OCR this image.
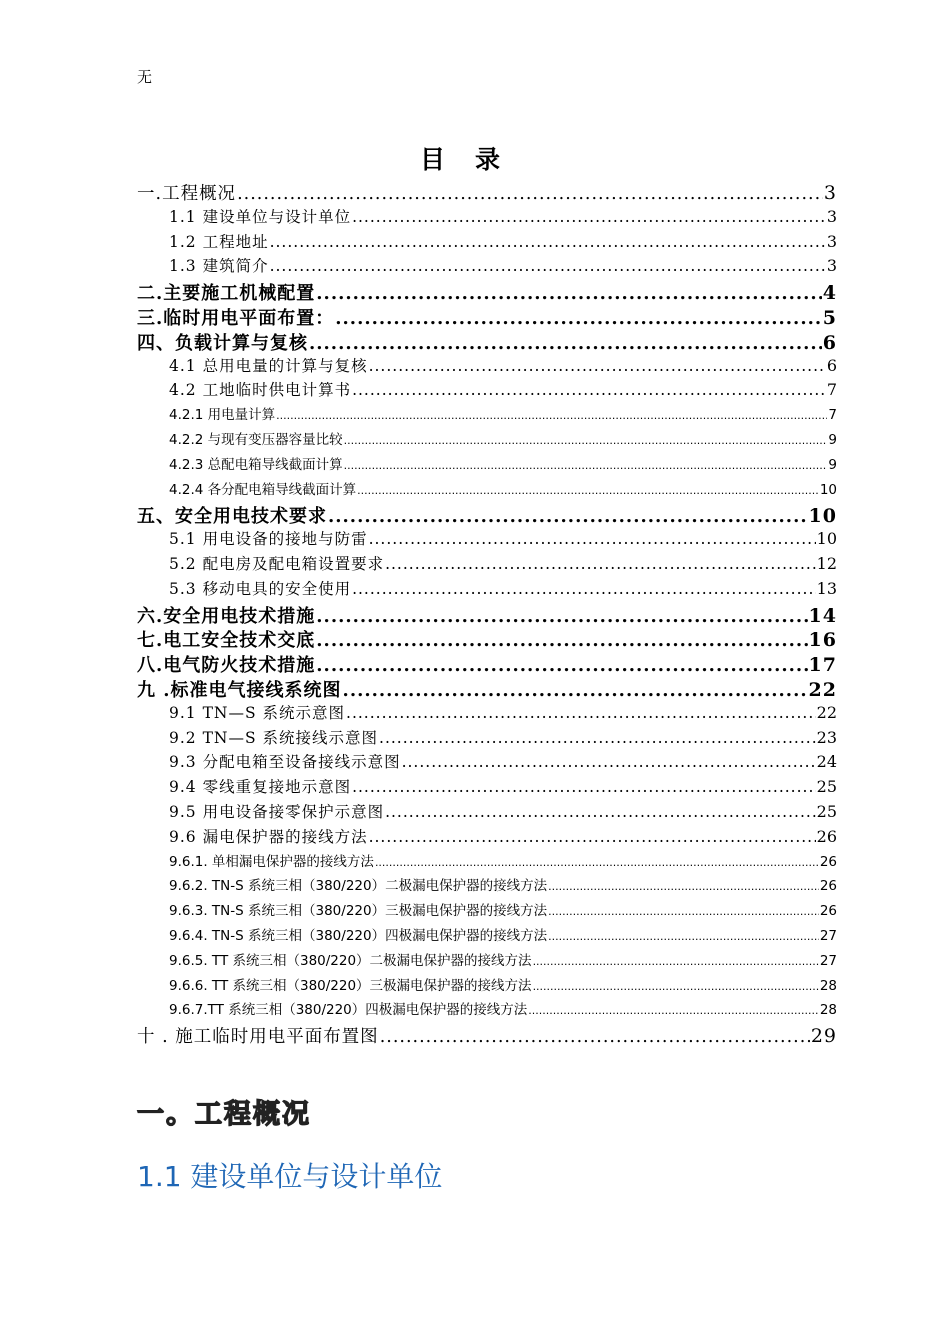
无
目录
一.工程概况 .....	3
1.1 建设单位与设计单位 .....	3
1.2 工程地址 .....	3
1.3 建筑简介 .....	3
二.主要施工机械配置 .....	4
三.临时用电平面布置： .....	5
四、负载计算与复核 .....	6
4.1 总用电量的计算与复核 .....	6
4.2 工地临时供电计算书 .....	7
4.2.1 用电量计算 .....	7
4.2.2 与现有变压器容量比较 .....	9
4.2.3 总配电箱导线截面计算 .....	9
4.2.4 各分配电箱导线截面计算 .....	10
五、安全用电技术要求 .....	10
5.1 用电设备的接地与防雷 .....	10
5.2 配电房及配电箱设置要求 .....	12
5.3 移动电具的安全使用 .....	13
六.安全用电技术措施 .....	14
七.电工安全技术交底 .....	16
八.电气防火技术措施 .....	17
九 .标准电气接线系统图 .....	22
9.1 TN—S 系统示意图 .....	22
9.2 TN—S 系统接线示意图 .....	23
9.3 分配电箱至设备接线示意图 .....	24
9.4 零线重复接地示意图 .....	25
9.5 用电设备接零保护示意图 .....	25
9.6 漏电保护器的接线方法 .....	26
9.6.1. 单相漏电保护器的接线方法 .....	26
9.6.2. TN-S 系统三相（380/220）二极漏电保护器的接线方法 .....	26
9.6.3. TN-S 系统三相（380/220）三极漏电保护器的接线方法 .....	26
9.6.4. TN-S 系统三相（380/220）四极漏电保护器的接线方法 .....	27
9.6.5. TT 系统三相（380/220）二极漏电保护器的接线方法 .....	27
9.6.6. TT 系统三相（380/220）三极漏电保护器的接线方法 .....	28
9.6.7.TT 系统三相（380/220）四极漏电保护器的接线方法 .....	28
十 . 施工临时用电平面布置图 .....	29
一。工程概况
1.1 建设单位与设计单位
